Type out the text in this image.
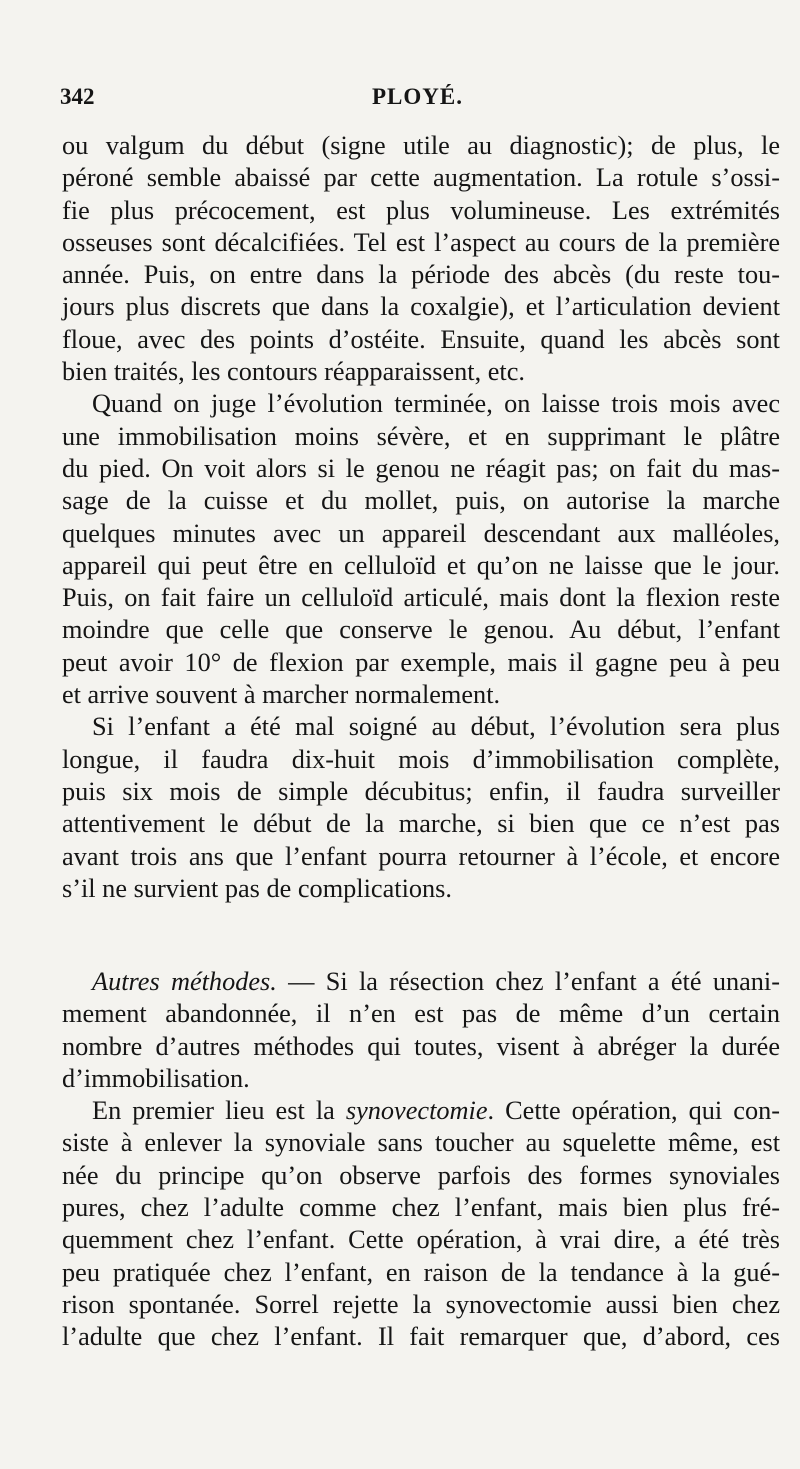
342	PLOYÉ.
ou valgum du début (signe utile au diagnostic); de plus, le
péroné semble abaissé par cette augmentation. La rotule s’ossi-
fie plus précocement, est plus volumineuse. Les extrémités
osseuses sont décalcifiées. Tel est l’aspect au cours de la première
année. Puis, on entre dans la période des abcès (du reste tou-
jours plus discrets que dans la coxalgie), et l’articulation devient
floue, avec des points d’ostéite. Ensuite, quand les abcès sont
bien traités, les contours réapparaissent, etc.
Quand on juge l’évolution terminée, on laisse trois mois avec
une immobilisation moins sévère, et en supprimant le plâtre
du pied. On voit alors si le genou ne réagit pas; on fait du mas-
sage de la cuisse et du mollet, puis, on autorise la marche
quelques minutes avec un appareil descendant aux malléoles,
appareil qui peut être en celluloïd et qu’on ne laisse que le jour.
Puis, on fait faire un celluloïd articulé, mais dont la flexion reste
moindre que celle que conserve le genou. Au début, l’enfant
peut avoir 10° de flexion par exemple, mais il gagne peu à peu
et arrive souvent à marcher normalement.
Si l’enfant a été mal soigné au début, l’évolution sera plus
longue, il faudra dix-huit mois d’immobilisation complète,
puis six mois de simple décubitus; enfin, il faudra surveiller
attentivement le début de la marche, si bien que ce n’est pas
avant trois ans que l’enfant pourra retourner à l’école, et encore
s’il ne survient pas de complications.
Autres méthodes. — Si la résection chez l’enfant a été unani-
mement abandonnée, il n’en est pas de même d’un certain
nombre d’autres méthodes qui toutes, visent à abréger la durée
d’immobilisation.
En premier lieu est la synovectomie. Cette opération, qui con-
siste à enlever la synoviale sans toucher au squelette même, est
née du principe qu’on observe parfois des formes synoviales
pures, chez l’adulte comme chez l’enfant, mais bien plus fré-
quemment chez l’enfant. Cette opération, à vrai dire, a été très
peu pratiquée chez l’enfant, en raison de la tendance à la gué-
rison spontanée. Sorrel rejette la synovectomie aussi bien chez
l’adulte que chez l’enfant. Il fait remarquer que, d’abord, ces
